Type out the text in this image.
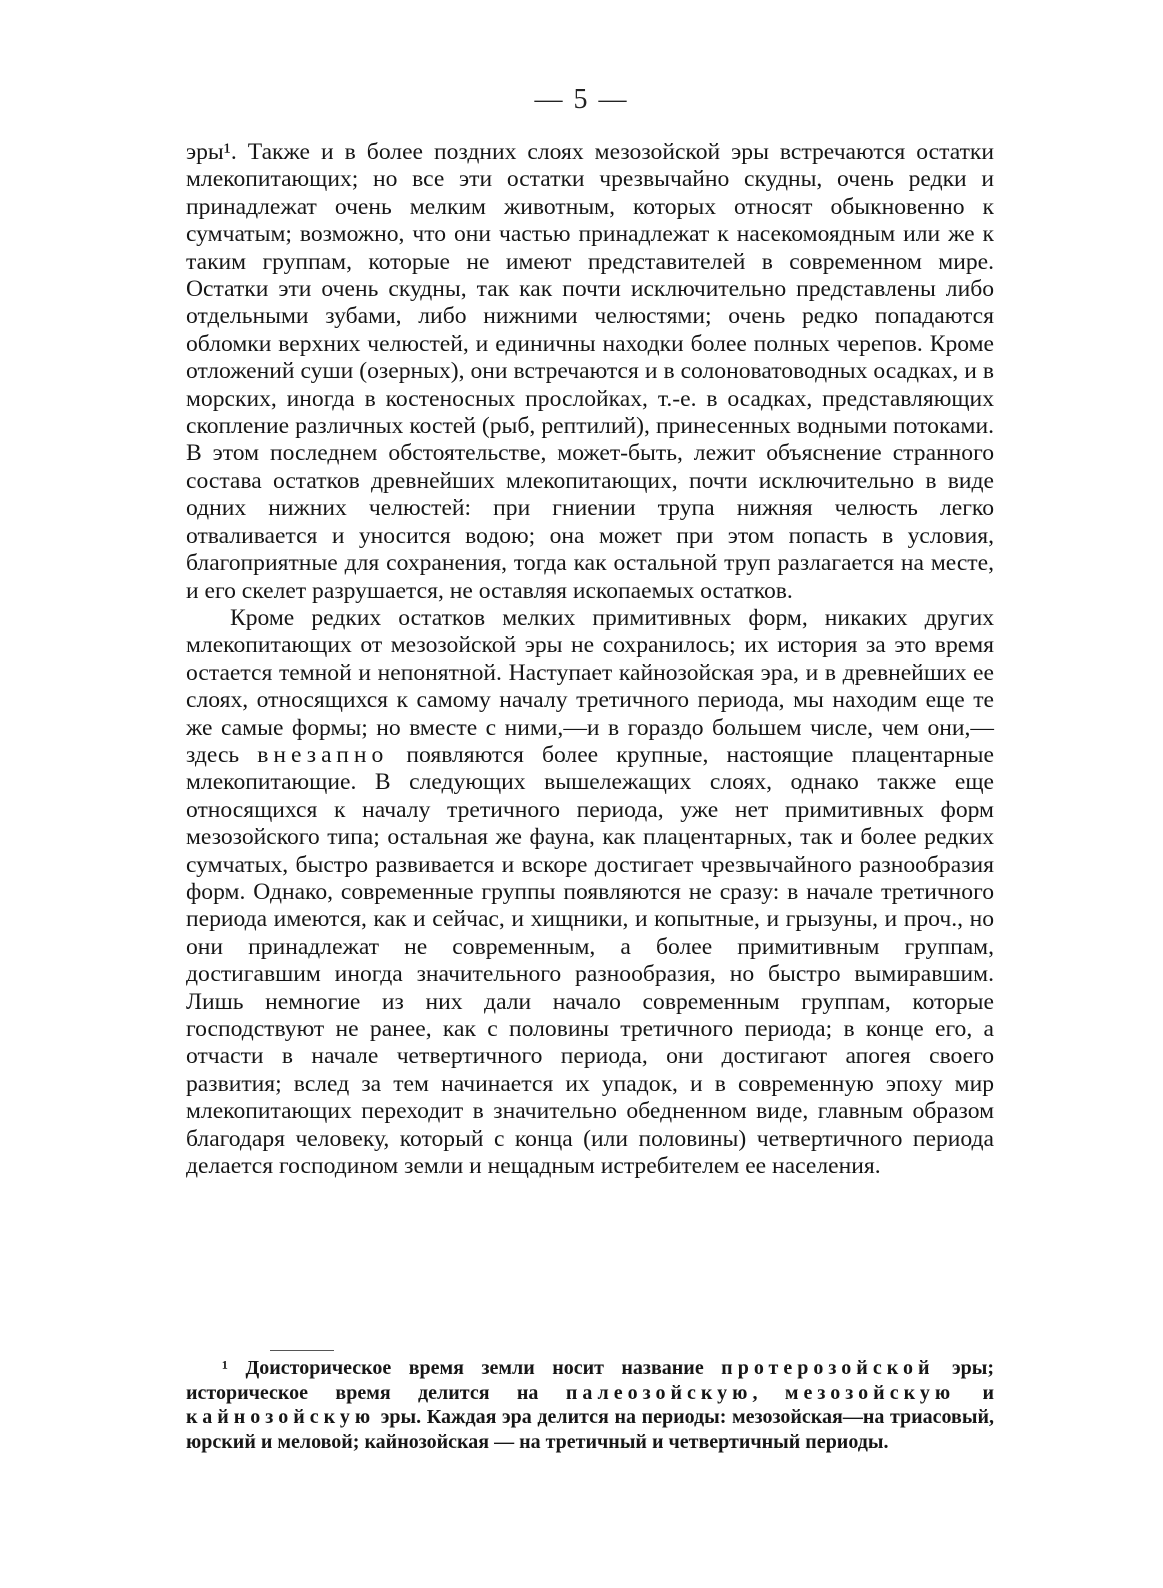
— 5 —

эры¹. Также и в более поздних слоях мезозойской эры встречаются остатки млекопитающих; но все эти остатки чрезвычайно скудны, очень редки и принадлежат очень мелким животным, которых относят обыкновенно к сумчатым; возможно, что они частью принадлежат к насекомоядным или же к таким группам, которые не имеют представителей в современном мире. Остатки эти очень скудны, так как почти исключительно представлены либо отдельными зубами, либо нижними челюстями; очень редко попадаются обломки верхних челюстей, и единичны находки более полных черепов. Кроме отложений суши (озерных), они встречаются и в солоноватоводных осадках, и в морских, иногда в костеносных прослойках, т.-е. в осадках, представляющих скопление различных костей (рыб, рептилий), принесенных водными потоками. В этом последнем обстоятельстве, может-быть, лежит объяснение странного состава остатков древнейших млекопитающих, почти исключительно в виде одних нижних челюстей: при гниении трупа нижняя челюсть легко отваливается и уносится водою; она может при этом попасть в условия, благоприятные для сохранения, тогда как остальной труп разлагается на месте, и его скелет разрушается, не оставляя ископаемых остатков.

Кроме редких остатков мелких примитивных форм, никаких других млекопитающих от мезозойской эры не сохранилось; их история за это время остается темной и непонятной. Наступает кайнозойская эра, и в древнейших ее слоях, относящихся к самому началу третичного периода, мы находим еще те же самые формы; но вместе с ними,—и в гораздо большем числе, чем они,—здесь внезапно появляются более крупные, настоящие плацентарные млекопитающие. В следующих вышележащих слоях, однако также еще относящихся к началу третичного периода, уже нет примитивных форм мезозойского типа; остальная же фауна, как плацентарных, так и более редких сумчатых, быстро развивается и вскоре достигает чрезвычайного разнообразия форм. Однако, современные группы появляются не сразу: в начале третичного периода имеются, как и сейчас, и хищники, и копытные, и грызуны, и проч., но они принадлежат не современным, а более примитивным группам, достигавшим иногда значительного разнообразия, но быстро вымиравшим. Лишь немногие из них дали начало современным группам, которые господствуют не ранее, как с половины третичного периода; в конце его, а отчасти в начале четвертичного периода, они достигают апогея своего развития; вслед за тем начинается их упадок, и в современную эпоху мир млекопитающих переходит в значительно обедненном виде, главным образом благодаря человеку, который с конца (или половины) четвертичного периода делается господином земли и нещадным истребителем ее населения.

¹ Доисторическое время земли носит название протерозойской эры; историческое время делится на палеозойскую, мезозойскую и кайнозойскую эры. Каждая эра делится на периоды: мезозойская—на триасовый, юрский и меловой; кайнозойская — на третичный и четвертичный периоды.
